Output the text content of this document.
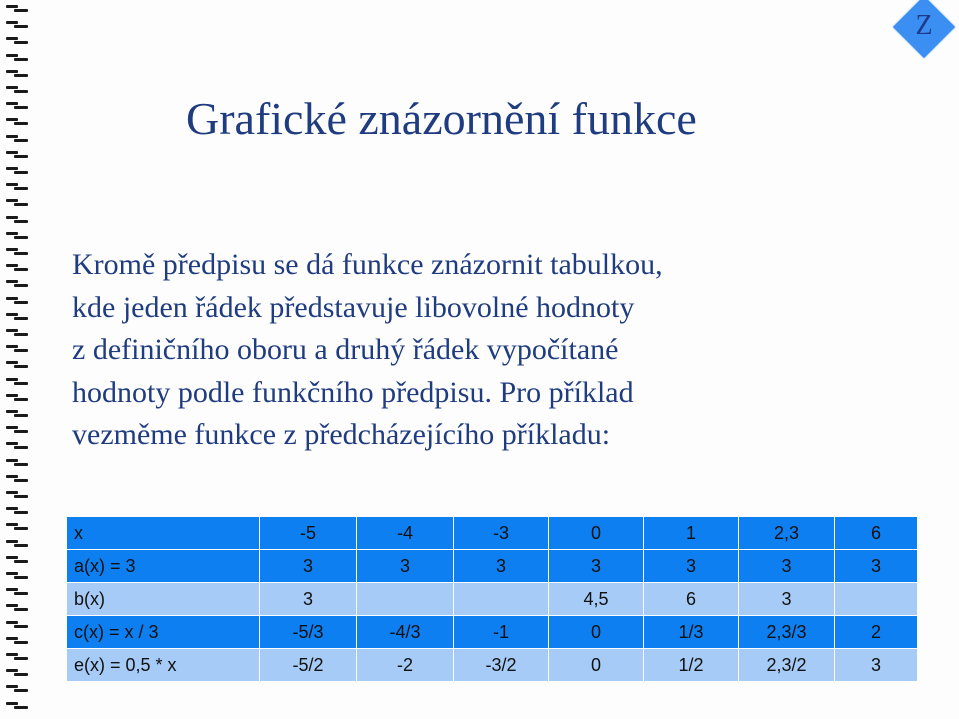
Z
Grafické znázornění funkce
Kromě předpisu se dá funkce znázornit tabulkou,
kde jeden řádek představuje libovolné hodnoty
z definičního oboru a druhý řádek vypočítané
hodnoty podle funkčního předpisu. Pro příklad
vezměme funkce z předcházejícího příkladu:
x	-5	-4	-3	0	1	2,3	6
a(x) = 3	3	3	3	3	3	3	3
b(x)	3			4,5	6	3	
c(x) = x / 3	-5/3	-4/3	-1	0	1/3	2,3/3	2
e(x) = 0,5 * x	-5/2	-2	-3/2	0	1/2	2,3/2	3
